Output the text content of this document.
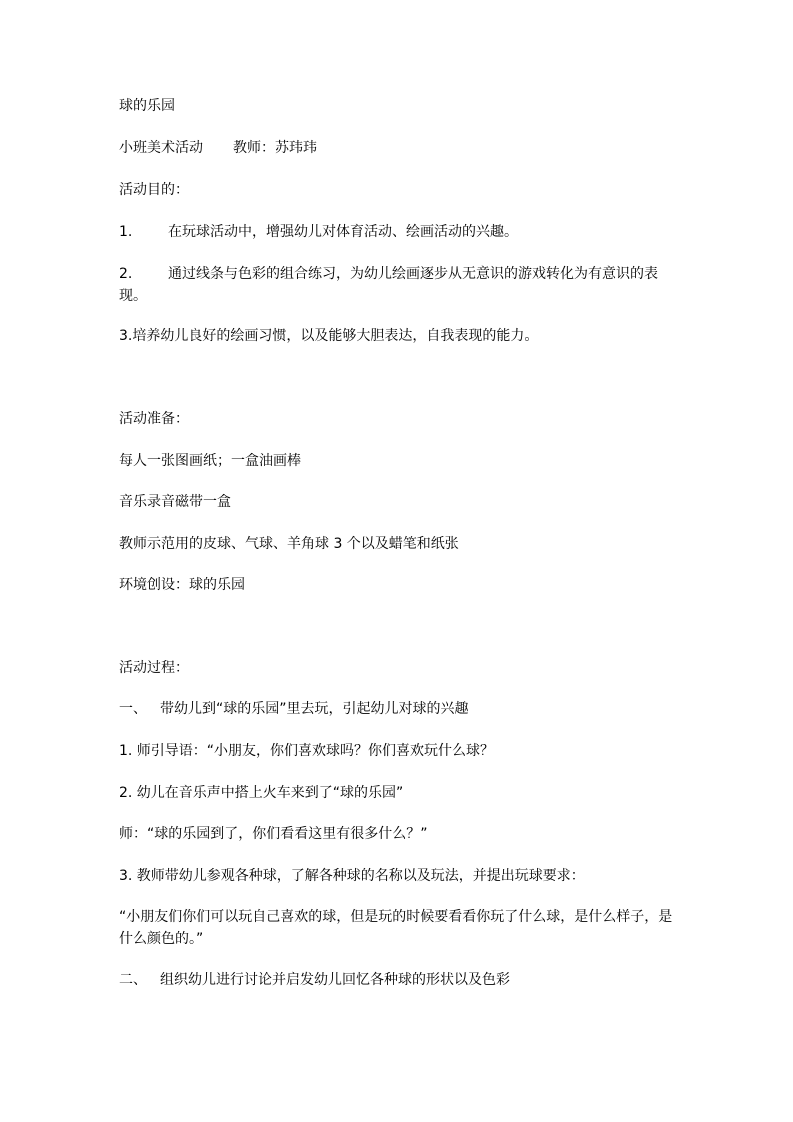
球的乐园
小班美术活动 教师：苏玮玮
活动目的：
1.	在玩球活动中，增强幼儿对体育活动、绘画活动的兴趣。
2.	通过线条与色彩的组合练习，为幼儿绘画逐步从无意识的游戏转化为有意识的表现。
3.培养幼儿良好的绘画习惯，以及能够大胆表达，自我表现的能力。
活动准备：
每人一张图画纸；一盒油画棒
音乐录音磁带一盒
教师示范用的皮球、气球、羊角球 3 个以及蜡笔和纸张
环境创设：球的乐园
活动过程：
一、 带幼儿到“球的乐园”里去玩，引起幼儿对球的兴趣
1. 师引导语：“小朋友，你们喜欢球吗？你们喜欢玩什么球？
2. 幼儿在音乐声中搭上火车来到了“球的乐园”
师：“球的乐园到了，你们看看这里有很多什么？”
3. 教师带幼儿参观各种球，了解各种球的名称以及玩法，并提出玩球要求：
“小朋友们你们可以玩自己喜欢的球，但是玩的时候要看看你玩了什么球，是什么样子，是什么颜色的。”
二、 组织幼儿进行讨论并启发幼儿回忆各种球的形状以及色彩
